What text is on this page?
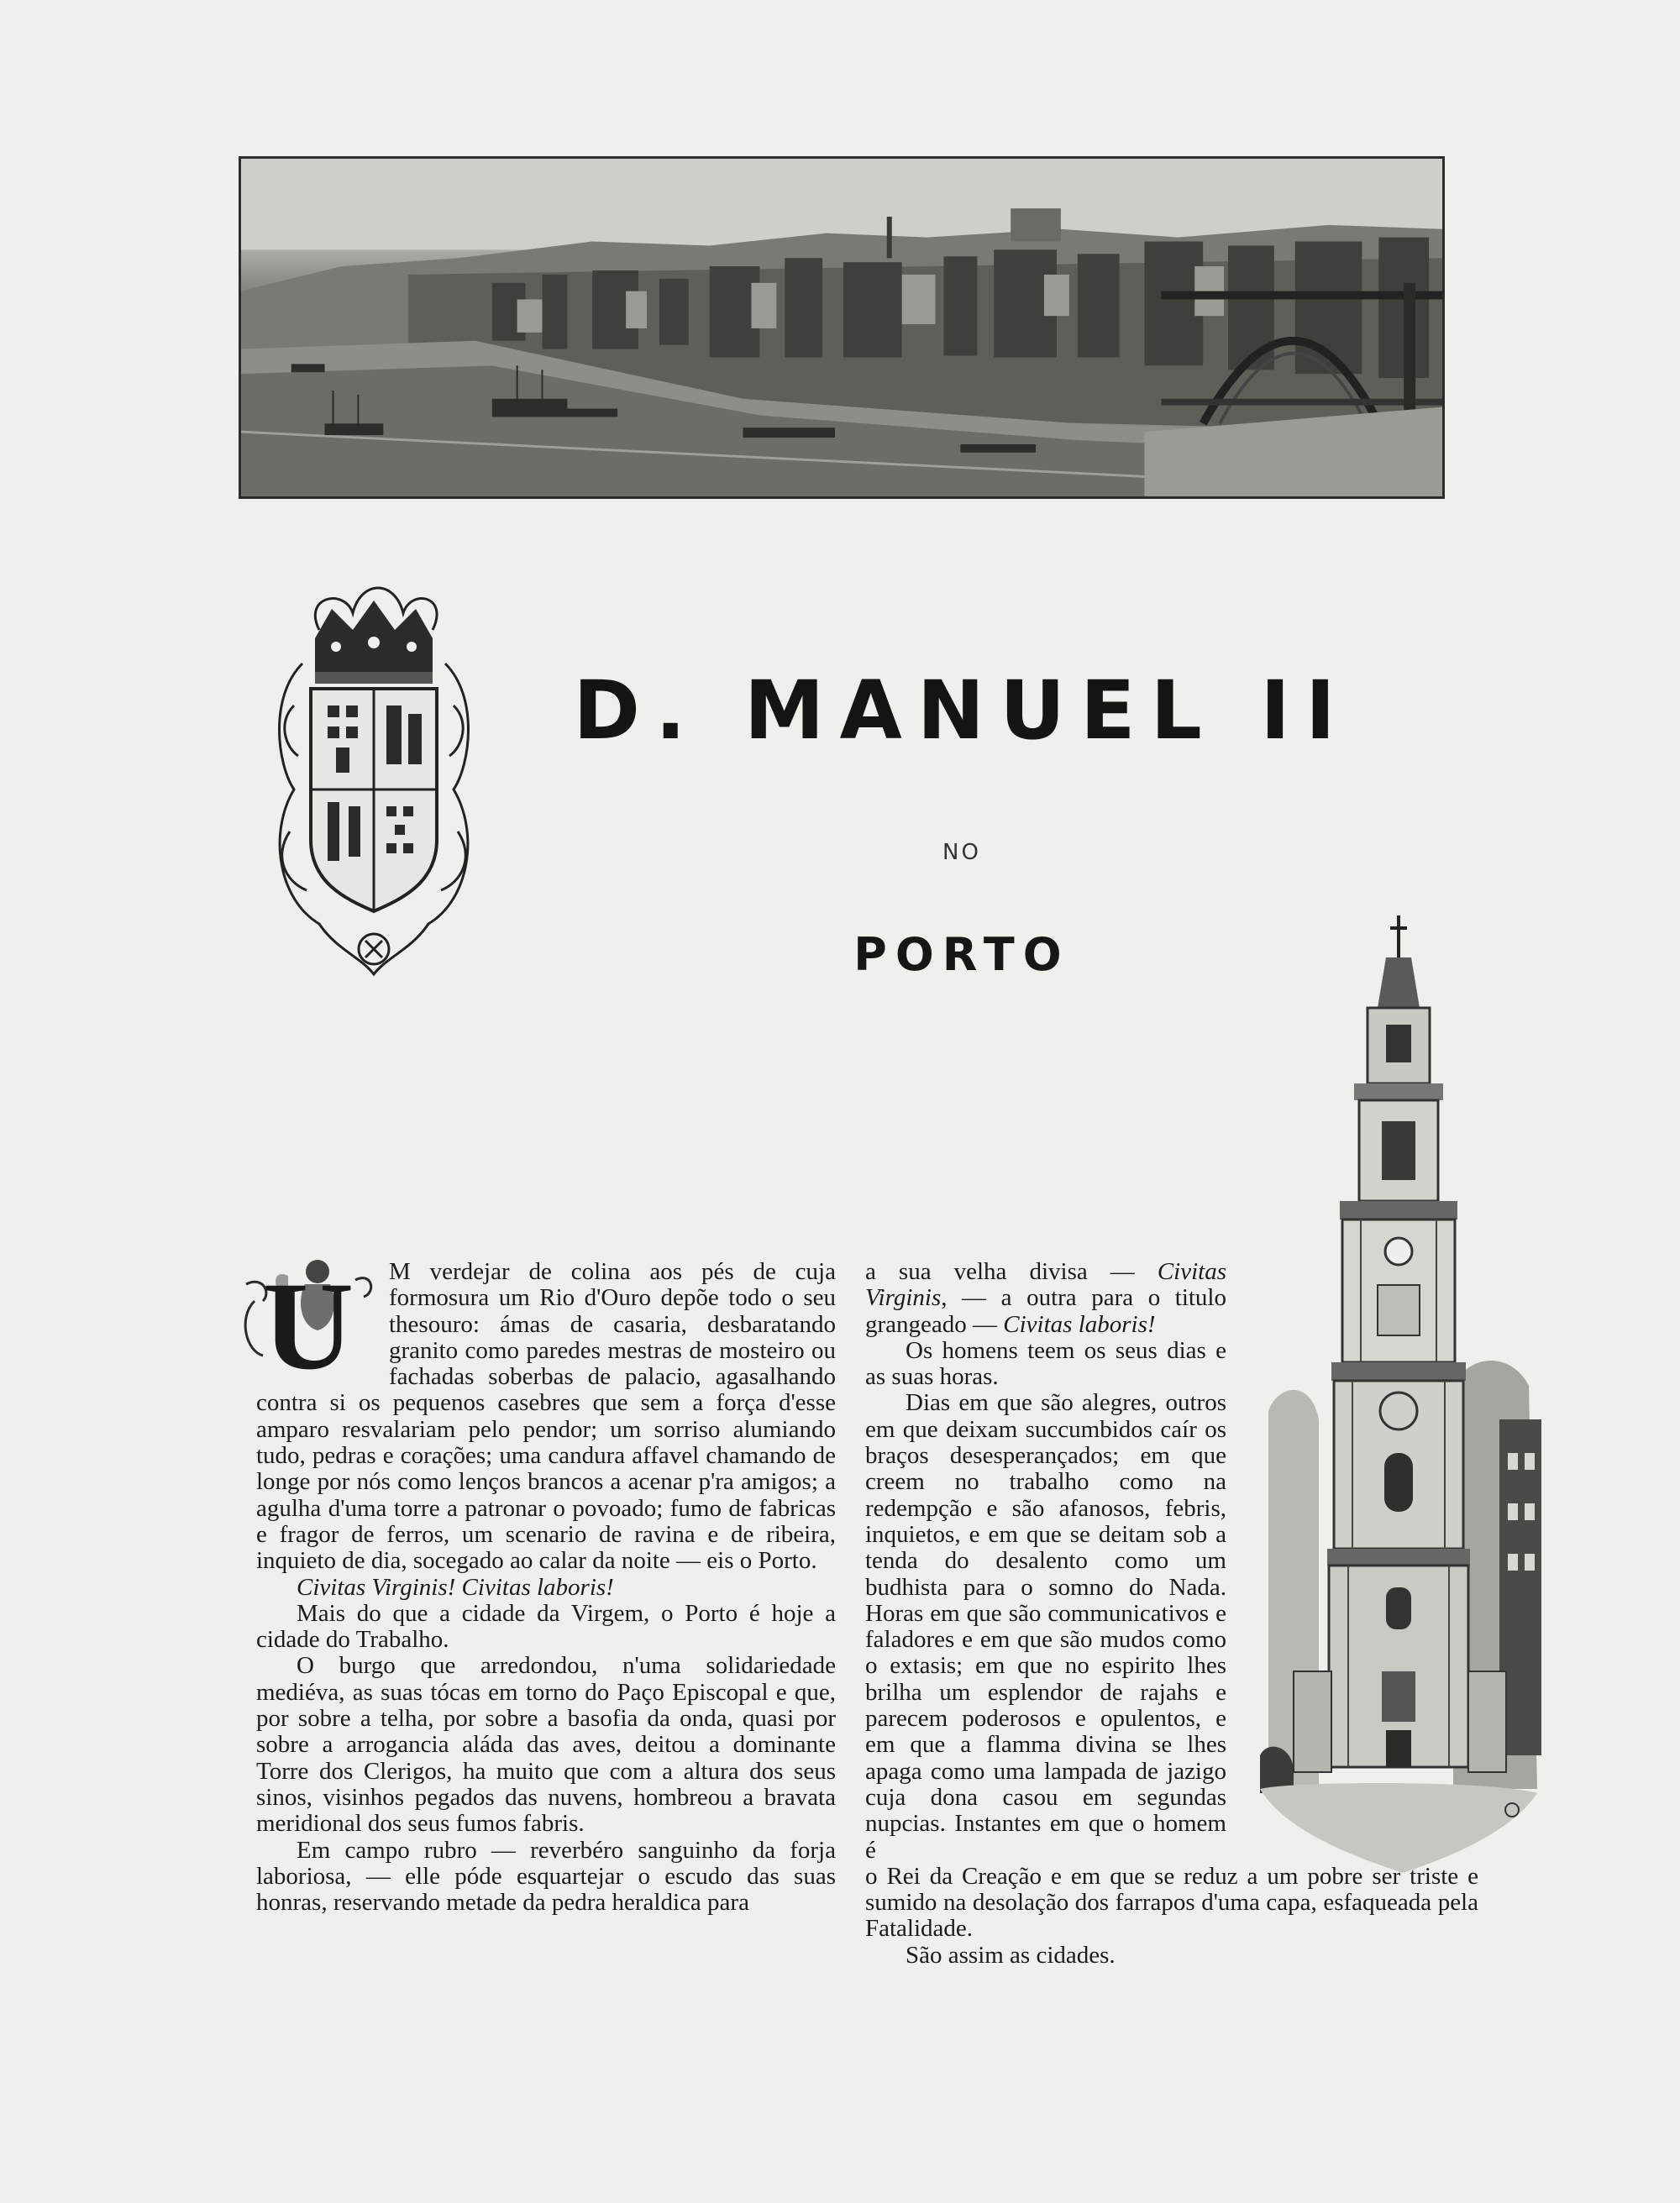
D. MANUEL II
NO
PORTO
U	M verdejar de colina aos pés de cuja formosura um Rio d'Ouro depõe todo o seu thesouro: ámas de casaria, desbaratando granito como paredes mestras de mosteiro ou fachadas soberbas de palacio, agasalhando contra si os pequenos casebres que sem a força d'esse amparo resvalariam pelo pendor; um sorriso alumiando tudo, pedras e corações; uma candura affavel chamando de longe por nós como lenços brancos a acenar p'ra amigos; a agulha d'uma torre a patronar o povoado; fumo de fabricas e fragor de ferros, um scenario de ravina e de ribeira, inquieto de dia, socegado ao calar da noite — eis o Porto.

Civitas Virginis! Civitas laboris!

Mais do que a cidade da Virgem, o Porto é hoje a cidade do Trabalho.

O burgo que arredondou, n'uma solidariedade mediéva, as suas tócas em torno do Paço Episcopal e que, por sobre a telha, por sobre a basofia da onda, quasi por sobre a arrogancia aláda das aves, deitou a dominante Torre dos Clerigos, ha muito que com a altura dos seus sinos, visinhos pegados das nuvens, hombreou a bravata meridional dos seus fumos fabris.

Em campo rubro — reverbéro sanguinho da forja laboriosa, — elle póde esquartejar o escudo das suas honras, reservando metade da pedra heraldica para

a sua velha divisa — Civitas Virginis, — a outra para o titulo grangeado — Civitas laboris!

Os homens teem os seus dias e as suas horas.

Dias em que são alegres, outros em que deixam succumbidos caír os braços desesperançados; em que creem no trabalho como na redempção e são afanosos, febris, inquietos, e em que se deitam sob a tenda do desalento como um budhista para o somno do Nada. Horas em que são communicativos e faladores e em que são mudos como o extasis; em que no espirito lhes brilha um esplendor de rajahs e parecem poderosos e opulentos, e em que a flamma divina se lhes apaga como uma lampada de jazigo cuja dona casou em segundas nupcias. Instantes em que o homem é

o Rei da Creação e em que se reduz a um pobre ser triste e sumido na desolação dos farrapos d'uma capa, esfaqueada pela Fatalidade.

São assim as cidades.
